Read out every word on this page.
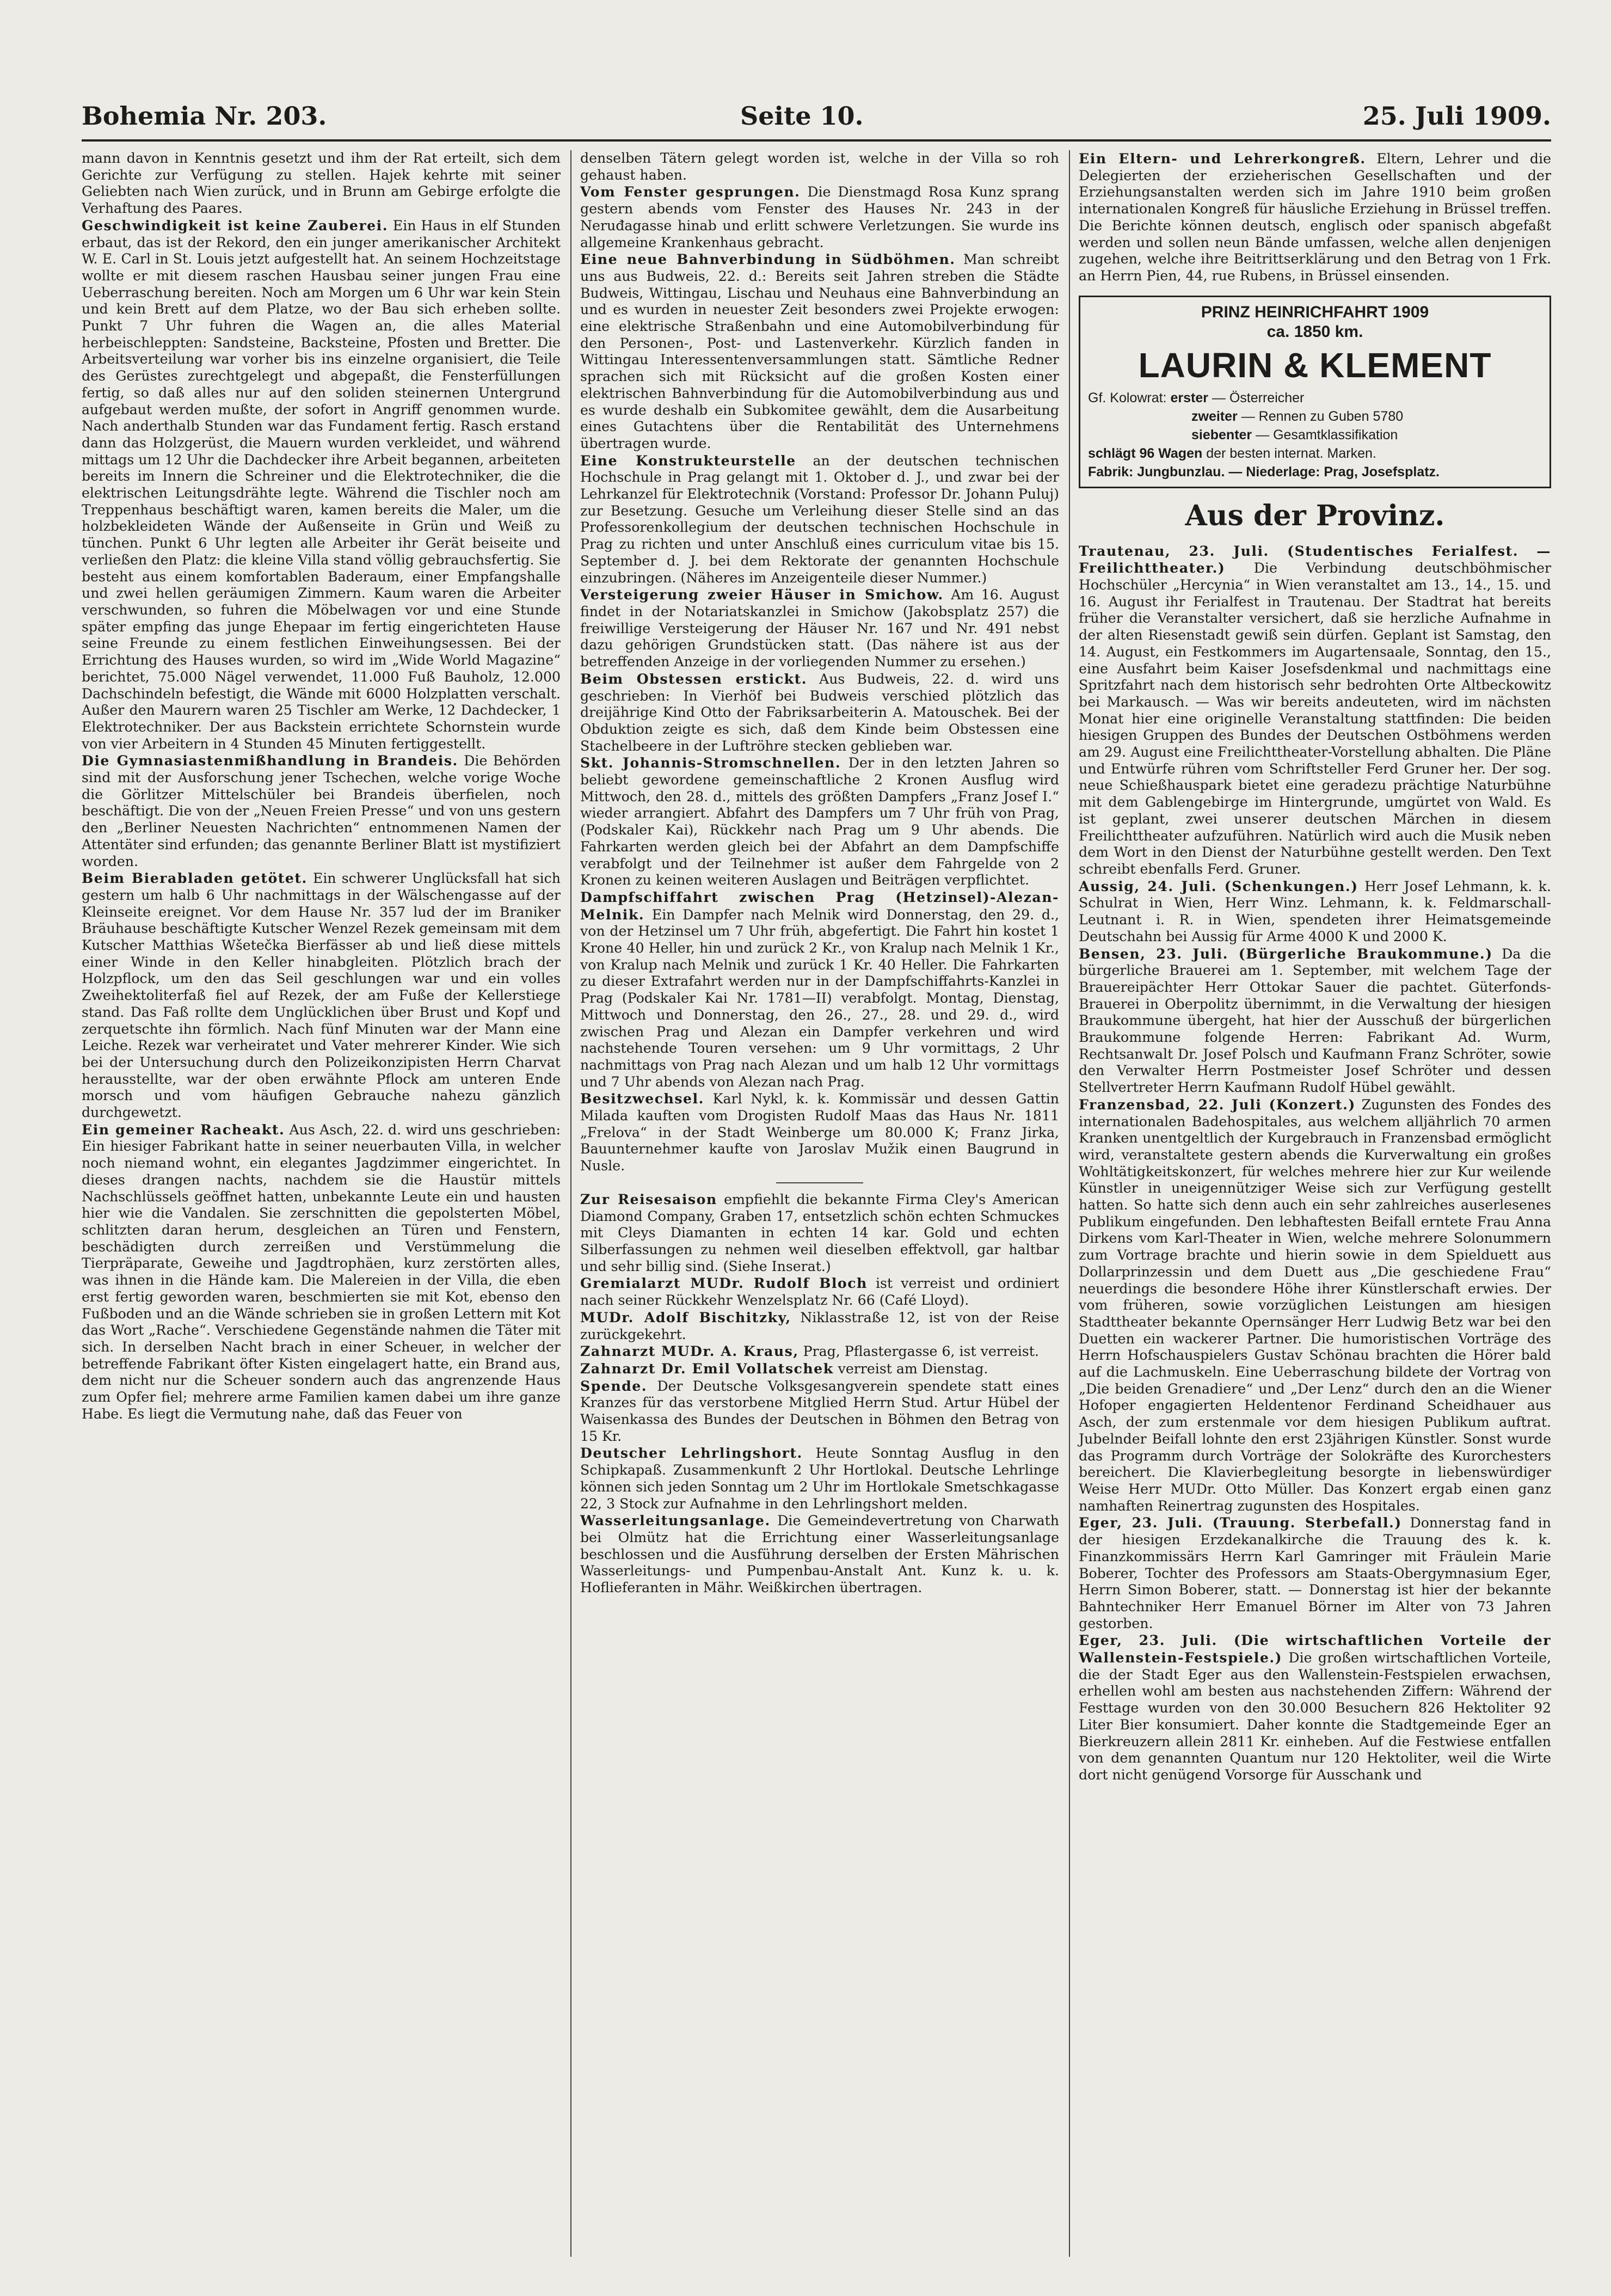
Bohemia Nr. 203.	Seite 10.	25. Juli 1909.

mann davon in Kenntnis gesetzt und ihm der Rat erteilt, sich dem Gerichte zur Verfügung zu stellen. Hajek kehrte mit seiner Geliebten nach Wien zurück, und in Brunn am Gebirge erfolgte die Verhaftung des Paares.

Geschwindigkeit ist keine Zauberei. Ein Haus in elf Stunden erbaut, das ist der Rekord, den ein junger amerikanischer Architekt W. E. Carl in St. Louis jetzt aufgestellt hat. An seinem Hochzeitstage wollte er mit diesem raschen Hausbau seiner jungen Frau eine Ueberraschung bereiten. Noch am Morgen um 6 Uhr war kein Stein und kein Brett auf dem Platze, wo der Bau sich erheben sollte. Punkt 7 Uhr fuhren die Wagen an, die alles Material herbeischleppten: Sandsteine, Backsteine, Pfosten und Bretter. Die Arbeitsverteilung war vorher bis ins einzelne organisiert, die Teile des Gerüstes zurechtgelegt und abgepaßt, die Fensterfüllungen fertig, so daß alles nur auf den soliden steinernen Untergrund aufgebaut werden mußte, der sofort in Angriff genommen wurde. Nach anderthalb Stunden war das Fundament fertig. Rasch erstand dann das Holzgerüst, die Mauern wurden verkleidet, und während mittags um 12 Uhr die Dachdecker ihre Arbeit begannen, arbeiteten bereits im Innern die Schreiner und die Elektrotechniker, die die elektrischen Leitungsdrähte legte. Während die Tischler noch am Treppenhaus beschäftigt waren, kamen bereits die Maler, um die holzbekleideten Wände der Außenseite in Grün und Weiß zu tünchen. Punkt 6 Uhr legten alle Arbeiter ihr Gerät beiseite und verließen den Platz: die kleine Villa stand völlig gebrauchsfertig. Sie besteht aus einem komfortablen Baderaum, einer Empfangshalle und zwei hellen geräumigen Zimmern. Kaum waren die Arbeiter verschwunden, so fuhren die Möbelwagen vor und eine Stunde später empfing das junge Ehepaar im fertig eingerichteten Hause seine Freunde zu einem festlichen Einweihungsessen. Bei der Errichtung des Hauses wurden, so wird im „Wide World Magazine“ berichtet, 75.000 Nägel verwendet, 11.000 Fuß Bauholz, 12.000 Dachschindeln befestigt, die Wände mit 6000 Holzplatten verschalt. Außer den Maurern waren 25 Tischler am Werke, 12 Dachdecker, 1 Elektrotechniker. Der aus Backstein errichtete Schornstein wurde von vier Arbeitern in 4 Stunden 45 Minuten fertiggestellt.

Die Gymnasiastenmißhandlung in Brandeis. Die Behörden sind mit der Ausforschung jener Tschechen, welche vorige Woche die Görlitzer Mittelschüler bei Brandeis überfielen, noch beschäftigt. Die von der „Neuen Freien Presse“ und von uns gestern den „Berliner Neuesten Nachrichten“ entnommenen Namen der Attentäter sind erfunden; das genannte Berliner Blatt ist mystifiziert worden.

Beim Bierabladen getötet. Ein schwerer Unglücksfall hat sich gestern um halb 6 Uhr nachmittags in der Wälschengasse auf der Kleinseite ereignet. Vor dem Hause Nr. 357 lud der im Braniker Bräuhause beschäftigte Kutscher Wenzel Rezek gemeinsam mit dem Kutscher Matthias Wšetečka Bierfässer ab und ließ diese mittels einer Winde in den Keller hinabgleiten. Plötzlich brach der Holzpflock, um den das Seil geschlungen war und ein volles Zweihektoliterfaß fiel auf Rezek, der am Fuße der Kellerstiege stand. Das Faß rollte dem Unglücklichen über Brust und Kopf und zerquetschte ihn förmlich. Nach fünf Minuten war der Mann eine Leiche. Rezek war verheiratet und Vater mehrerer Kinder. Wie sich bei der Untersuchung durch den Polizeikonzipisten Herrn Charvat herausstellte, war der oben erwähnte Pflock am unteren Ende morsch und vom häufigen Gebrauche nahezu gänzlich durchgewetzt.

Ein gemeiner Racheakt. Aus Asch, 22. d. wird uns geschrieben: Ein hiesiger Fabrikant hatte in seiner neuerbauten Villa, in welcher noch niemand wohnt, ein elegantes Jagdzimmer eingerichtet. In dieses drangen nachts, nachdem sie die Haustür mittels Nachschlüssels geöffnet hatten, unbekannte Leute ein und hausten hier wie die Vandalen. Sie zerschnitten die gepolsterten Möbel, schlitzten daran herum, desgleichen an Türen und Fenstern, beschädigten durch zerreißen und Verstümmelung die Tierpräparate, Geweihe und Jagdtrophäen, kurz zerstörten alles, was ihnen in die Hände kam. Die Malereien in der Villa, die eben erst fertig geworden waren, beschmierten sie mit Kot, ebenso den Fußboden und an die Wände schrieben sie in großen Lettern mit Kot das Wort „Rache“. Verschiedene Gegenstände nahmen die Täter mit sich. In derselben Nacht brach in einer Scheuer, in welcher der betreffende Fabrikant öfter Kisten eingelagert hatte, ein Brand aus, dem nicht nur die Scheuer sondern auch das angrenzende Haus zum Opfer fiel; mehrere arme Familien kamen dabei um ihre ganze Habe. Es liegt die Vermutung nahe, daß das Feuer von

denselben Tätern gelegt worden ist, welche in der Villa so roh gehaust haben.

Vom Fenster gesprungen. Die Dienstmagd Rosa Kunz sprang gestern abends vom Fenster des Hauses Nr. 243 in der Neruđagasse hinab und erlitt schwere Verletzungen. Sie wurde ins allgemeine Krankenhaus gebracht.

Eine neue Bahnverbindung in Südböhmen. Man schreibt uns aus Budweis, 22. d.: Bereits seit Jahren streben die Städte Budweis, Wittingau, Lischau und Neuhaus eine Bahnverbindung an und es wurden in neuester Zeit besonders zwei Projekte erwogen: eine elektrische Straßenbahn und eine Automobilverbindung für den Personen-, Post- und Lastenverkehr. Kürzlich fanden in Wittingau Interessentenversammlungen statt. Sämtliche Redner sprachen sich mit Rücksicht auf die großen Kosten einer elektrischen Bahnverbindung für die Automobilverbindung aus und es wurde deshalb ein Subkomitee gewählt, dem die Ausarbeitung eines Gutachtens über die Rentabilität des Unternehmens übertragen wurde.

Eine Konstrukteurstelle an der deutschen technischen Hochschule in Prag gelangt mit 1. Oktober d. J., und zwar bei der Lehrkanzel für Elektrotechnik (Vorstand: Professor Dr. Johann Puluj) zur Besetzung. Gesuche um Verleihung dieser Stelle sind an das Professorenkollegium der deutschen technischen Hochschule in Prag zu richten und unter Anschluß eines curriculum vitae bis 15. September d. J. bei dem Rektorate der genannten Hochschule einzubringen. (Näheres im Anzeigenteile dieser Nummer.)

Versteigerung zweier Häuser in Smichow. Am 16. August findet in der Notariatskanzlei in Smichow (Jakobsplatz 257) die freiwillige Versteigerung der Häuser Nr. 167 und Nr. 491 nebst dazu gehörigen Grundstücken statt. (Das nähere ist aus der betreffenden Anzeige in der vorliegenden Nummer zu ersehen.)

Beim Obstessen erstickt. Aus Budweis, 22. d. wird uns geschrieben: In Vierhöf bei Budweis verschied plötzlich das dreijährige Kind Otto der Fabriksarbeiterin A. Matouschek. Bei der Obduktion zeigte es sich, daß dem Kinde beim Obstessen eine Stachelbeere in der Luftröhre stecken geblieben war.

Skt. Johannis-Stromschnellen. Der in den letzten Jahren so beliebt gewordene gemeinschaftliche 2 Kronen Ausflug wird Mittwoch, den 28. d., mittels des größten Dampfers „Franz Josef I.“ wieder arrangiert. Abfahrt des Dampfers um 7 Uhr früh von Prag, (Podskaler Kai), Rückkehr nach Prag um 9 Uhr abends. Die Fahrkarten werden gleich bei der Abfahrt an dem Dampfschiffe verabfolgt und der Teilnehmer ist außer dem Fahrgelde von 2 Kronen zu keinen weiteren Auslagen und Beiträgen verpflichtet.

Dampfschiffahrt zwischen Prag (Hetzinsel)-Alezan-Melnik. Ein Dampfer nach Melnik wird Donnerstag, den 29. d., von der Hetzinsel um 7 Uhr früh, abgefertigt. Die Fahrt hin kostet 1 Krone 40 Heller, hin und zurück 2 Kr., von Kralup nach Melnik 1 Kr., von Kralup nach Melnik und zurück 1 Kr. 40 Heller. Die Fahrkarten zu dieser Extrafahrt werden nur in der Dampfschiffahrts-Kanzlei in Prag (Podskaler Kai Nr. 1781—II) verabfolgt. Montag, Dienstag, Mittwoch und Donnerstag, den 26., 27., 28. und 29. d., wird zwischen Prag und Alezan ein Dampfer verkehren und wird nachstehende Touren versehen: um 9 Uhr vormittags, 2 Uhr nachmittags von Prag nach Alezan und um halb 12 Uhr vormittags und 7 Uhr abends von Alezan nach Prag.

Besitzwechsel. Karl Nykl, k. k. Kommissär und dessen Gattin Milada kauften vom Drogisten Rudolf Maas das Haus Nr. 1811 „Frelova“ in der Stadt Weinberge um 80.000 K; Franz Jirka, Bauunternehmer kaufte von Jaroslav Mužik einen Baugrund in Nusle.

Zur Reisesaison empfiehlt die bekannte Firma Cley's American Diamond Company, Graben 17, entsetzlich schön echten Schmuckes mit Cleys Diamanten in echten 14 kar. Gold und echten Silberfassungen zu nehmen weil dieselben effektvoll, gar haltbar und sehr billig sind. (Siehe Inserat.)

Gremialarzt MUDr. Rudolf Bloch ist verreist und ordiniert nach seiner Rückkehr Wenzelsplatz Nr. 66 (Café Lloyd).

MUDr. Adolf Bischitzky, Niklasstraße 12, ist von der Reise zurückgekehrt.

Zahnarzt MUDr. A. Kraus, Prag, Pflastergasse 6, ist verreist.

Zahnarzt Dr. Emil Vollatschek verreist am Dienstag.

Spende. Der Deutsche Volksgesangverein spendete statt eines Kranzes für das verstorbene Mitglied Herrn Stud. Artur Hübel der Waisenkassa des Bundes der Deutschen in Böhmen den Betrag von 15 Kr.

Deutscher Lehrlingshort. Heute Sonntag Ausflug in den Schipkapaß. Zusammenkunft 2 Uhr Hortlokal. Deutsche Lehrlinge können sich jeden Sonntag um 2 Uhr im Hortlokale Smetschkagasse 22, 3 Stock zur Aufnahme in den Lehrlingshort melden.

Wasserleitungsanlage. Die Gemeindevertretung von Charwath bei Olmütz hat die Errichtung einer Wasserleitungsanlage beschlossen und die Ausführung derselben der Ersten Mährischen Wasserleitungs- und Pumpenbau-Anstalt Ant. Kunz k. u. k. Hoflieferanten in Mähr. Weißkirchen übertragen.

Ein Eltern- und Lehrerkongreß. Eltern, Lehrer und die Delegierten der erzieherischen Gesellschaften und der Erziehungsanstalten werden sich im Jahre 1910 beim großen internationalen Kongreß für häusliche Erziehung in Brüssel treffen. Die Berichte können deutsch, englisch oder spanisch abgefaßt werden und sollen neun Bände umfassen, welche allen denjenigen zugehen, welche ihre Beitrittserklärung und den Betrag von 1 Frk. an Herrn Pien, 44, rue Rubens, in Brüssel einsenden.

PRINZ HEINRICHFAHRT 1909
ca. 1850 km.
LAURIN & KLEMENT
Gf. Kolowrat: erster — Österreicher
zweiter — Rennen zu Guben 5780
siebenter — Gesamtklassifikation
schlägt 96 Wagen der besten internat. Marken.
Fabrik: Jungbunzlau. — Niederlage: Prag, Josefsplatz.
Aus der Provinz.

Trautenau, 23. Juli. (Studentisches Ferialfest. — Freilichttheater.) Die Verbindung deutschböhmischer Hochschüler „Hercynia“ in Wien veranstaltet am 13., 14., 15. und 16. August ihr Ferialfest in Trautenau. Der Stadtrat hat bereits früher die Veranstalter versichert, daß sie herzliche Aufnahme in der alten Riesenstadt gewiß sein dürfen. Geplant ist Samstag, den 14. August, ein Festkommers im Augartensaale, Sonntag, den 15., eine Ausfahrt beim Kaiser Josefsdenkmal und nachmittags eine Spritzfahrt nach dem historisch sehr bedrohten Orte Altbeckowitz bei Markausch. — Was wir bereits andeuteten, wird im nächsten Monat hier eine originelle Veranstaltung stattfinden: Die beiden hiesigen Gruppen des Bundes der Deutschen Ostböhmens werden am 29. August eine Freilichttheater-Vorstellung abhalten. Die Pläne und Entwürfe rühren vom Schriftsteller Ferd Gruner her. Der sog. neue Schießhauspark bietet eine geradezu prächtige Naturbühne mit dem Gablengebirge im Hintergrunde, umgürtet von Wald. Es ist geplant, zwei unserer deutschen Märchen in diesem Freilichttheater aufzuführen. Natürlich wird auch die Musik neben dem Wort in den Dienst der Naturbühne gestellt werden. Den Text schreibt ebenfalls Ferd. Gruner.

Aussig, 24. Juli. (Schenkungen.) Herr Josef Lehmann, k. k. Schulrat in Wien, Herr Winz. Lehmann, k. k. Feldmarschall-Leutnant i. R. in Wien, spendeten ihrer Heimatsgemeinde Deutschahn bei Aussig für Arme 4000 K und 2000 K.

Bensen, 23. Juli. (Bürgerliche Braukommune.) Da die bürgerliche Brauerei am 1. September, mit welchem Tage der Brauereipächter Herr Ottokar Sauer die pachtet. Güterfonds-Brauerei in Oberpolitz übernimmt, in die Verwaltung der hiesigen Braukommune übergeht, hat hier der Ausschuß der bürgerlichen Braukommune folgende Herren: Fabrikant Ad. Wurm, Rechtsanwalt Dr. Josef Polsch und Kaufmann Franz Schröter, sowie den Verwalter Herrn Postmeister Josef Schröter und dessen Stellvertreter Herrn Kaufmann Rudolf Hübel gewählt.

Franzensbad, 22. Juli (Konzert.) Zugunsten des Fondes des internationalen Badehospitales, aus welchem alljährlich 70 armen Kranken unentgeltlich der Kurgebrauch in Franzensbad ermöglicht wird, veranstaltete gestern abends die Kurverwaltung ein großes Wohltätigkeitskonzert, für welches mehrere hier zur Kur weilende Künstler in uneigennütziger Weise sich zur Verfügung gestellt hatten. So hatte sich denn auch ein sehr zahlreiches auserlesenes Publikum eingefunden. Den lebhaftesten Beifall erntete Frau Anna Dirkens vom Karl-Theater in Wien, welche mehrere Solonummern zum Vortrage brachte und hierin sowie in dem Spielduett aus Dollarprinzessin und dem Duett aus „Die geschiedene Frau“ neuerdings die besondere Höhe ihrer Künstlerschaft erwies. Der vom früheren, sowie vorzüglichen Leistungen am hiesigen Stadttheater bekannte Opernsänger Herr Ludwig Betz war bei den Duetten ein wackerer Partner. Die humoristischen Vorträge des Herrn Hofschauspielers Gustav Schönau brachten die Hörer bald auf die Lachmuskeln. Eine Ueberraschung bildete der Vortrag von „Die beiden Grenadiere“ und „Der Lenz“ durch den an die Wiener Hofoper engagierten Heldentenor Ferdinand Scheidhauer aus Asch, der zum erstenmale vor dem hiesigen Publikum auftrat. Jubelnder Beifall lohnte den erst 23jährigen Künstler. Sonst wurde das Programm durch Vorträge der Solokräfte des Kurorchesters bereichert. Die Klavierbegleitung besorgte in liebenswürdiger Weise Herr MUDr. Otto Müller. Das Konzert ergab einen ganz namhaften Reinertrag zugunsten des Hospitales.

Eger, 23. Juli. (Trauung. Sterbefall.) Donnerstag fand in der hiesigen Erzdekanalkirche die Trauung des k. k. Finanzkommissärs Herrn Karl Gamringer mit Fräulein Marie Boberer, Tochter des Professors am Staats-Obergymnasium Eger, Herrn Simon Boberer, statt. — Donnerstag ist hier der bekannte Bahntechniker Herr Emanuel Börner im Alter von 73 Jahren gestorben.

Eger, 23. Juli. (Die wirtschaftlichen Vorteile der Wallenstein-Festspiele.) Die großen wirtschaftlichen Vorteile, die der Stadt Eger aus den Wallenstein-Festspielen erwachsen, erhellen wohl am besten aus nachstehenden Ziffern: Während der Festtage wurden von den 30.000 Besuchern 826 Hektoliter 92 Liter Bier konsumiert. Daher konnte die Stadtgemeinde Eger an Bierkreuzern allein 2811 Kr. einheben. Auf die Festwiese entfallen von dem genannten Quantum nur 120 Hektoliter, weil die Wirte dort nicht genügend Vorsorge für Ausschank und
